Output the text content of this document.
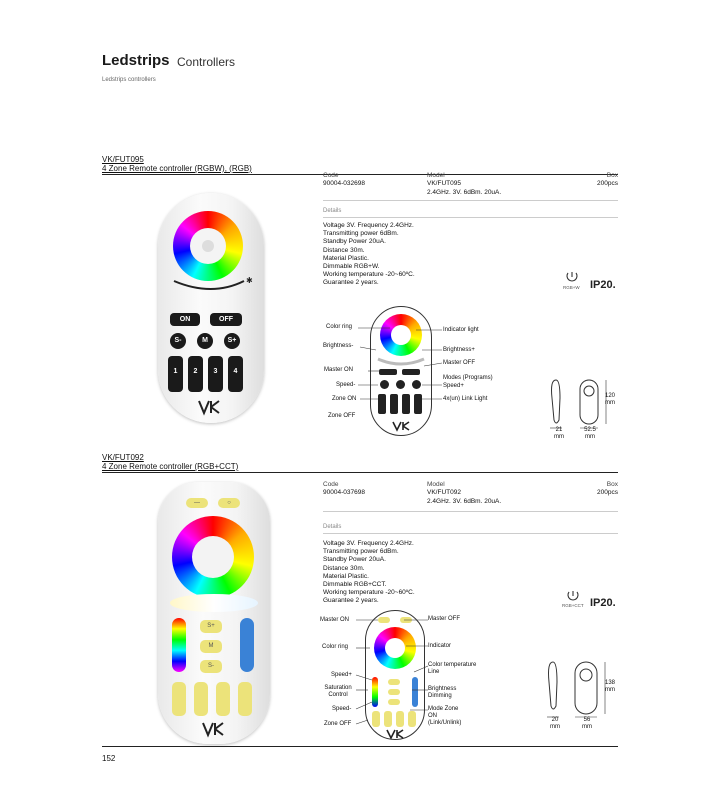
Ledstrips Controllers
Ledstrips controllers
VK/FUT095
4 Zone Remote controller (RGBW), (RGB)
Code
90004-032698
Model
VK/FUT095
2.4GHz. 3V. 6dBm. 20uA.
Box
200pcs
Details
Voltage 3V. Frequency 2.4GHz.
Transmitting power 6dBm.
Standby Power 20uA.
Distance 30m.
Material Plastic.
Dimmable RGB+W.
Working temperature -20~60ºC.
Guarantee 2 years.
RGB+W IP20.
✱
ON	OFF
S-	M	S+
1	2	3	4
Color ring
Brightness-
Master ON
Speed-
Zone ON
Zone OFF
Indicator light
Brightness+
Master OFF
Modes (Programs)
Speed+
4x(un) Link Light	120
mm
21
mm
52.5
mm
VK/FUT092
4 Zone Remote controller (RGB+CCT)
Code
90004-037698
Model
VK/FUT092
2.4GHz. 3V. 6dBm. 20uA.
Box
200pcs
Details
Voltage 3V. Frequency 2.4GHz.
Transmitting power 6dBm.
Standby Power 20uA.
Distance 30m.
Material Plastic.
Dimmable RGB+CCT.
Working temperature -20~60ºC.
Guarantee 2 years.
RGB+CCT IP20.
—	○
S+
M
S-
Master ON
Color ring
Speed+
Saturation Control
Speed-
Zone OFF
Master OFF
Indicator
Color temperature Line
Brightness Dimming
Mode Zone ON (Link/Unlink)
138
mm
20
mm
56
mm
152
